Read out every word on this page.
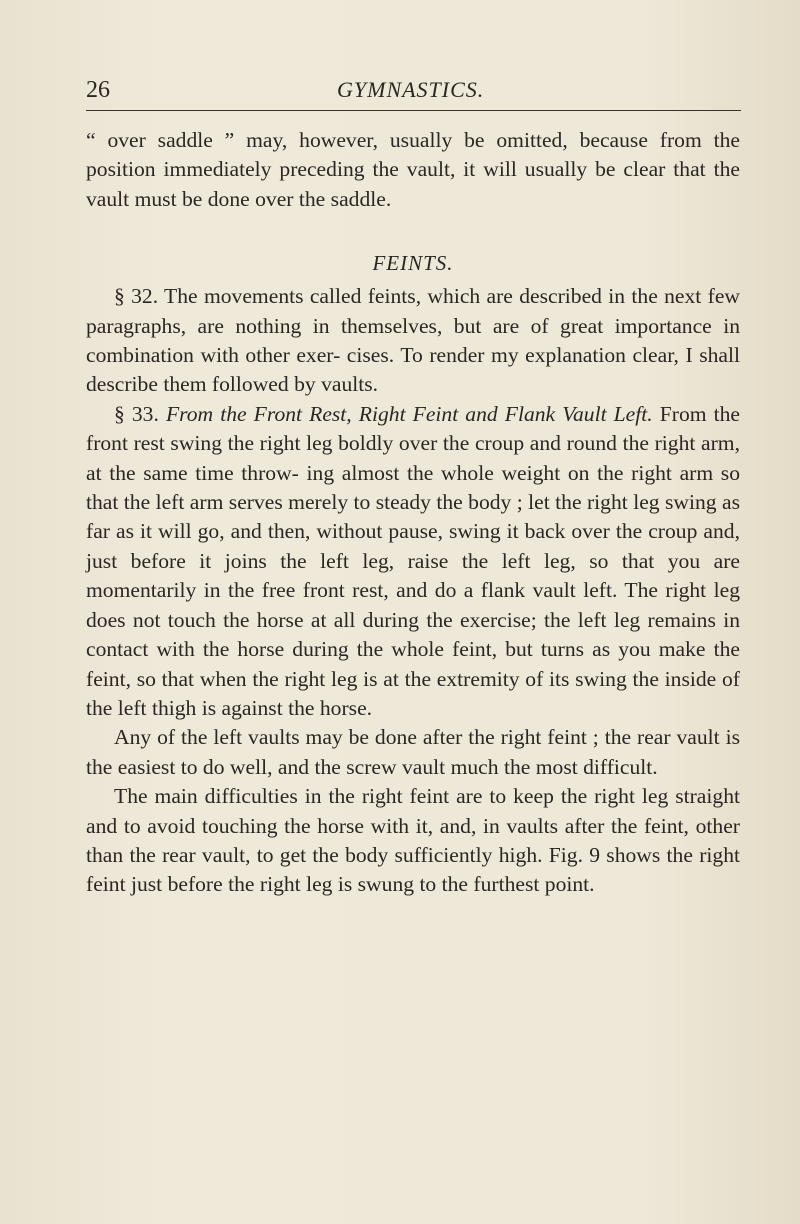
26	GYMNASTICS.

“ over saddle ” may, however, usually be omitted, because from the position immediately preceding the vault, it will usually be clear that the vault must be done over the saddle.

FEINTS.

§ 32. The movements called feints, which are described in the next few paragraphs, are nothing in themselves, but are of great importance in combination with other exer- cises. To render my explanation clear, I shall describe them followed by vaults.

§ 33. From the Front Rest, Right Feint and Flank Vault Left. From the front rest swing the right leg boldly over the croup and round the right arm, at the same time throw- ing almost the whole weight on the right arm so that the left arm serves merely to steady the body ; let the right leg swing as far as it will go, and then, without pause, swing it back over the croup and, just before it joins the left leg, raise the left leg, so that you are momentarily in the free front rest, and do a flank vault left. The right leg does not touch the horse at all during the exercise; the left leg remains in contact with the horse during the whole feint, but turns as you make the feint, so that when the right leg is at the extremity of its swing the inside of the left thigh is against the horse.

Any of the left vaults may be done after the right feint ; the rear vault is the easiest to do well, and the screw vault much the most difficult.

The main difficulties in the right feint are to keep the right leg straight and to avoid touching the horse with it, and, in vaults after the feint, other than the rear vault, to get the body sufficiently high. Fig. 9 shows the right feint just before the right leg is swung to the furthest point.
